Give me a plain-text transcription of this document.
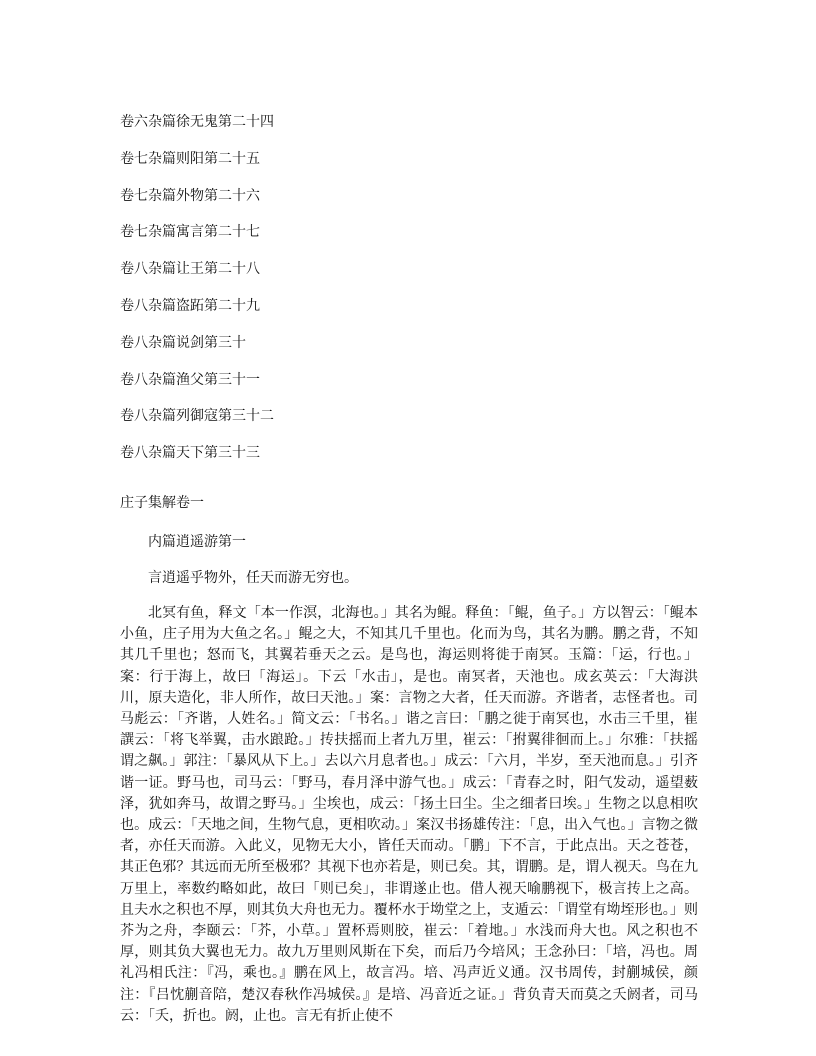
卷六杂篇徐无鬼第二十四
卷七杂篇则阳第二十五
卷七杂篇外物第二十六
卷七杂篇寓言第二十七
卷八杂篇让王第二十八
卷八杂篇盗跖第二十九
卷八杂篇说剑第三十
卷八杂篇渔父第三十一
卷八杂篇列御寇第三十二
卷八杂篇天下第三十三
庄子集解卷一
内篇逍遥游第一

言逍遥乎物外，任天而游无穷也。

北冥有鱼，释文「本一作溟，北海也。」其名为鲲。释鱼：「鲲，鱼子。」方以智云：「鲲本小鱼，庄子用为大鱼之名。」鲲之大，不知其几千里也。化而为鸟，其名为鹏。鹏之背，不知其几千里也；怒而飞，其翼若垂天之云。是鸟也，海运则将徙于南冥。玉篇：「运，行也。」案：行于海上，故曰「海运」。下云「水击」，是也。南冥者，天池也。成玄英云：「大海洪川，原夫造化，非人所作，故曰天池。」案：言物之大者，任天而游。齐谐者，志怪者也。司马彪云：「齐谐，人姓名。」简文云：「书名。」谐之言曰：「鹏之徙于南冥也，水击三千里，崔譔云：「将飞举翼，击水踉跄。」抟扶摇而上者九万里，崔云：「拊翼徘徊而上。」尔雅：「扶摇谓之飙。」郭注：「暴风从下上。」去以六月息者也。」成云：「六月，半岁，至天池而息。」引齐谐一证。野马也，司马云：「野马，春月泽中游气也。」成云：「青春之时，阳气发动，遥望薮泽，犹如奔马，故谓之野马。」尘埃也，成云：「扬土曰尘。尘之细者曰埃。」生物之以息相吹也。成云：「天地之间，生物气息，更相吹动。」案汉书扬雄传注：「息，出入气也。」言物之微者，亦任天而游。入此义，见物无大小，皆任天而动。「鹏」下不言，于此点出。天之苍苍，其正色邪？其远而无所至极邪？其视下也亦若是，则已矣。其，谓鹏。是，谓人视天。鸟在九万里上，率数约略如此，故曰「则已矣」，非谓遂止也。借人视天喻鹏视下，极言抟上之高。且夫水之积也不厚，则其负大舟也无力。覆杯水于坳堂之上，支遁云：「谓堂有坳垤形也。」则芥为之舟，李颐云：「芥，小草。」置杯焉则胶，崔云：「着地。」水浅而舟大也。风之积也不厚，则其负大翼也无力。故九万里则风斯在下矣，而后乃今培风；王念孙曰：「培，冯也。周礼冯相氏注：『冯，乘也。』鹏在风上，故言冯。培、冯声近义通。汉书周传，封蒯城侯，颜注：『吕忱蒯音陪，楚汉春秋作冯城侯。』是培、冯音近之证。」背负青天而莫之夭阏者，司马云：「夭，折也。阏，止也。言无有折止使不
